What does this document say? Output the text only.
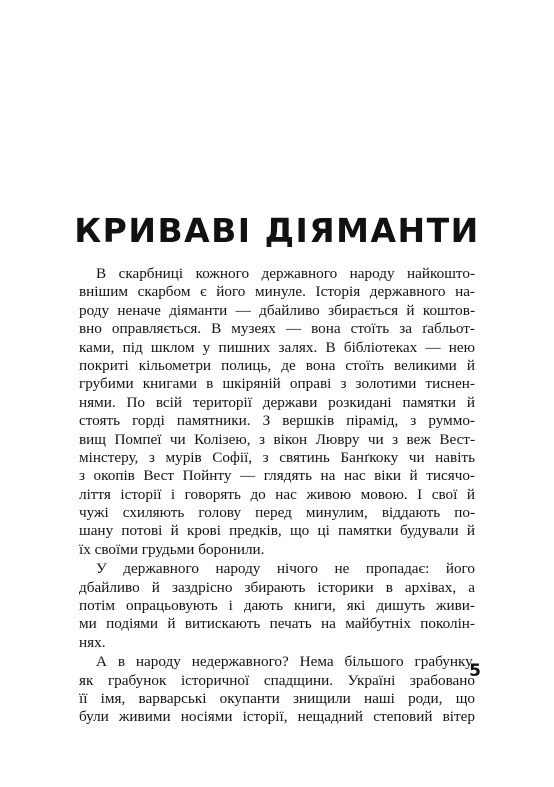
КРИВАВІ ДІЯМАНТИ
В скарбниці кожного державного народу найкошто-
внішим скарбом є його минуле. Історія державного на-
роду неначе діяманти — дбайливо збирається й коштов-
вно оправляється. В музеях — вона стоїть за ґабльот-
ками, під шклом у пишних залях. В бібліотеках — нею
покриті кільометри полиць, де вона стоїть великими й
грубими книгами в шкіряній оправі з золотими тиснен-
нями. По всій території держави розкидані памятки й
стоять горді памятники. З вершків пірамід, з руммо-
вищ Помпеї чи Колізею, з вікон Лювру чи з веж Вест-
мінстеру, з мурів Софії, з святинь Банґкоку чи навіть
з окопів Вест Пойнту — глядять на нас віки й тисячо-
ліття історії і говорять до нас живою мовою. І свої й
чужі схиляють голову перед минулим, віддають по-
шану потові й крові предків, що ці памятки будували й
їх своїми грудьми боронили.
У державного народу нічого не пропадає: його
дбайливо й заздрісно збирають історики в архівах, а
потім опрацьовують і дають книги, які дишуть живи-
ми подіями й витискають печать на майбутніх поколін-
нях.
А в народу недержавного? Нема більшого грабунку,
як грабунок історичної спадщини. Україні зрабовано
її імя, варварські окупанти знищили наші роди, що
були живими носіями історії, нещадний степовий вітер
5
